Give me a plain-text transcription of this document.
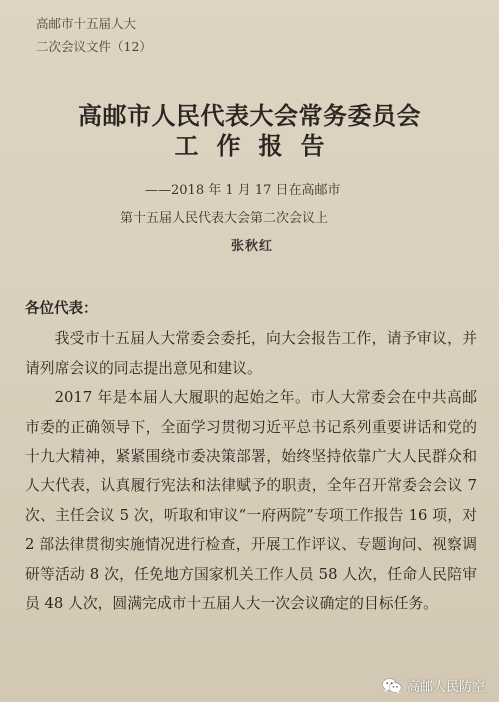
高邮市十五届人大
二次会议文件（12）
高邮市人民代表大会常务委员会
工作报告
——2018 年 1 月 17 日在高邮市
第十五届人民代表大会第二次会议上
张秋红
各位代表：

我受市十五届人大常委会委托，向大会报告工作，请予审议，并请列席会议的同志提出意见和建议。

2017 年是本届人大履职的起始之年。市人大常委会在中共高邮市委的正确领导下，全面学习贯彻习近平总书记系列重要讲话和党的十九大精神，紧紧围绕市委决策部署，始终坚持依靠广大人民群众和人大代表，认真履行宪法和法律赋予的职责，全年召开常委会会议 7 次、主任会议 5 次，听取和审议“一府两院”专项工作报告 16 项，对 2 部法律贯彻实施情况进行检查，开展工作评议、专题询问、视察调研等活动 8 次，任免地方国家机关工作人员 58 人次，任命人民陪审员 48 人次，圆满完成市十五届人大一次会议确定的目标任务。

高邮人民防空
